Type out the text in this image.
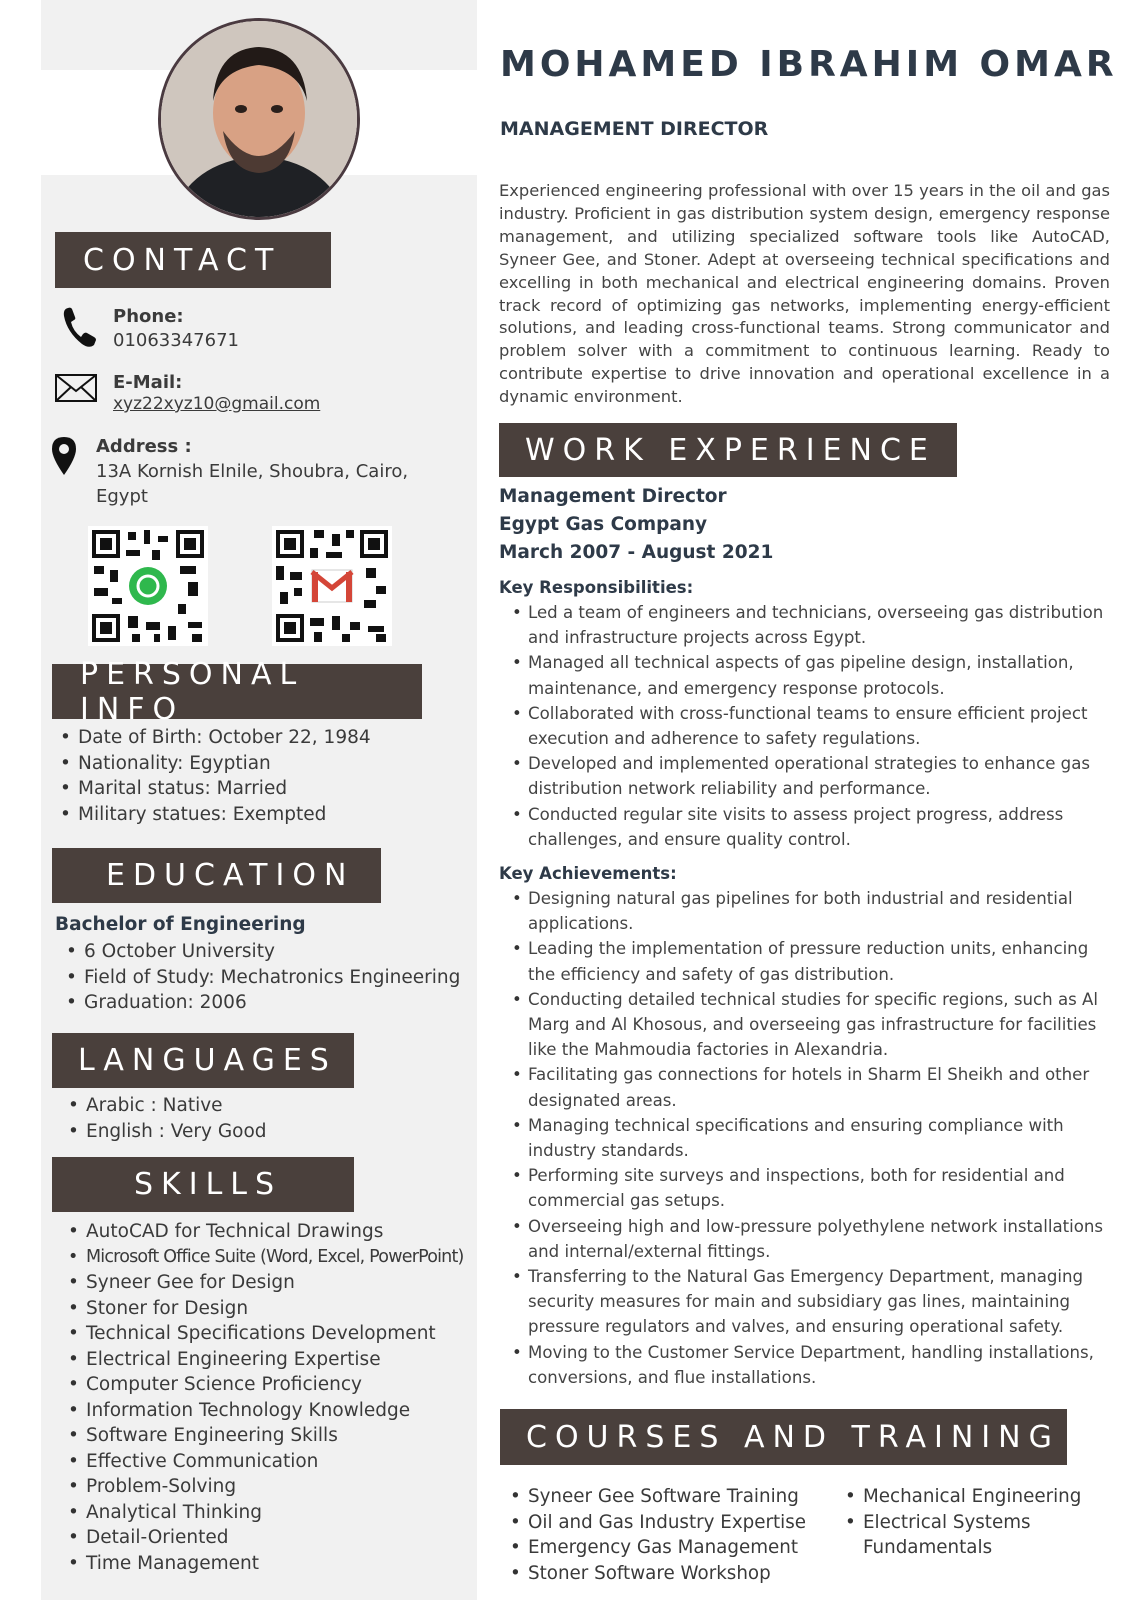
MOHAMED IBRAHIM OMAR
MANAGEMENT DIRECTOR
Experienced engineering professional with over 15 years in the oil and gas industry. Proficient in gas distribution system design, emergency response management, and utilizing specialized software tools like AutoCAD, Syneer Gee, and Stoner. Adept at overseeing technical specifications and excelling in both mechanical and electrical engineering domains. Proven track record of optimizing gas networks, implementing energy-efficient solutions, and leading cross-functional teams. Strong communicator and problem solver with a commitment to continuous learning. Ready to contribute expertise to drive innovation and operational excellence in a dynamic environment.
CONTACT
Phone:
01063347671
E-Mail:
xyz22xyz10@gmail.com
Address :
13A Kornish Elnile, Shoubra, Cairo,
Egypt
PERSONAL INFO
• Date of Birth: October 22, 1984
• Nationality: Egyptian
• Marital status: Married
• Military statues: Exempted
EDUCATION
Bachelor of Engineering
• 6 October University
• Field of Study: Mechatronics Engineering
• Graduation: 2006
LANGUAGES
• Arabic : Native
• English : Very Good
SKILLS
• AutoCAD for Technical Drawings
• Microsoft Office Suite (Word, Excel, PowerPoint)
• Syneer Gee for Design
• Stoner for Design
• Technical Specifications Development
• Electrical Engineering Expertise
• Computer Science Proficiency
• Information Technology Knowledge
• Software Engineering Skills
• Effective Communication
• Problem-Solving
• Analytical Thinking
• Detail-Oriented
• Time Management
WORK EXPERIENCE
Management Director
Egypt Gas Company
March 2007 - August 2021
Key Responsibilities:
• Led a team of engineers and technicians, overseeing gas distribution and infrastructure projects across Egypt.
• Managed all technical aspects of gas pipeline design, installation, maintenance, and emergency response protocols.
• Collaborated with cross-functional teams to ensure efficient project execution and adherence to safety regulations.
• Developed and implemented operational strategies to enhance gas distribution network reliability and performance.
• Conducted regular site visits to assess project progress, address challenges, and ensure quality control.
Key Achievements:
• Designing natural gas pipelines for both industrial and residential applications.
• Leading the implementation of pressure reduction units, enhancing the efficiency and safety of gas distribution.
• Conducting detailed technical studies for specific regions, such as Al Marg and Al Khosous, and overseeing gas infrastructure for facilities like the Mahmoudia factories in Alexandria.
• Facilitating gas connections for hotels in Sharm El Sheikh and other designated areas.
• Managing technical specifications and ensuring compliance with industry standards.
• Performing site surveys and inspections, both for residential and commercial gas setups.
• Overseeing high and low-pressure polyethylene network installations and internal/external fittings.
• Transferring to the Natural Gas Emergency Department, managing security measures for main and subsidiary gas lines, maintaining pressure regulators and valves, and ensuring operational safety.
• Moving to the Customer Service Department, handling installations, conversions, and flue installations.
COURSES AND TRAINING
• Syneer Gee Software Training
• Oil and Gas Industry Expertise
• Emergency Gas Management
• Stoner Software Workshop
• Mechanical Engineering
• Electrical Systems Fundamentals
